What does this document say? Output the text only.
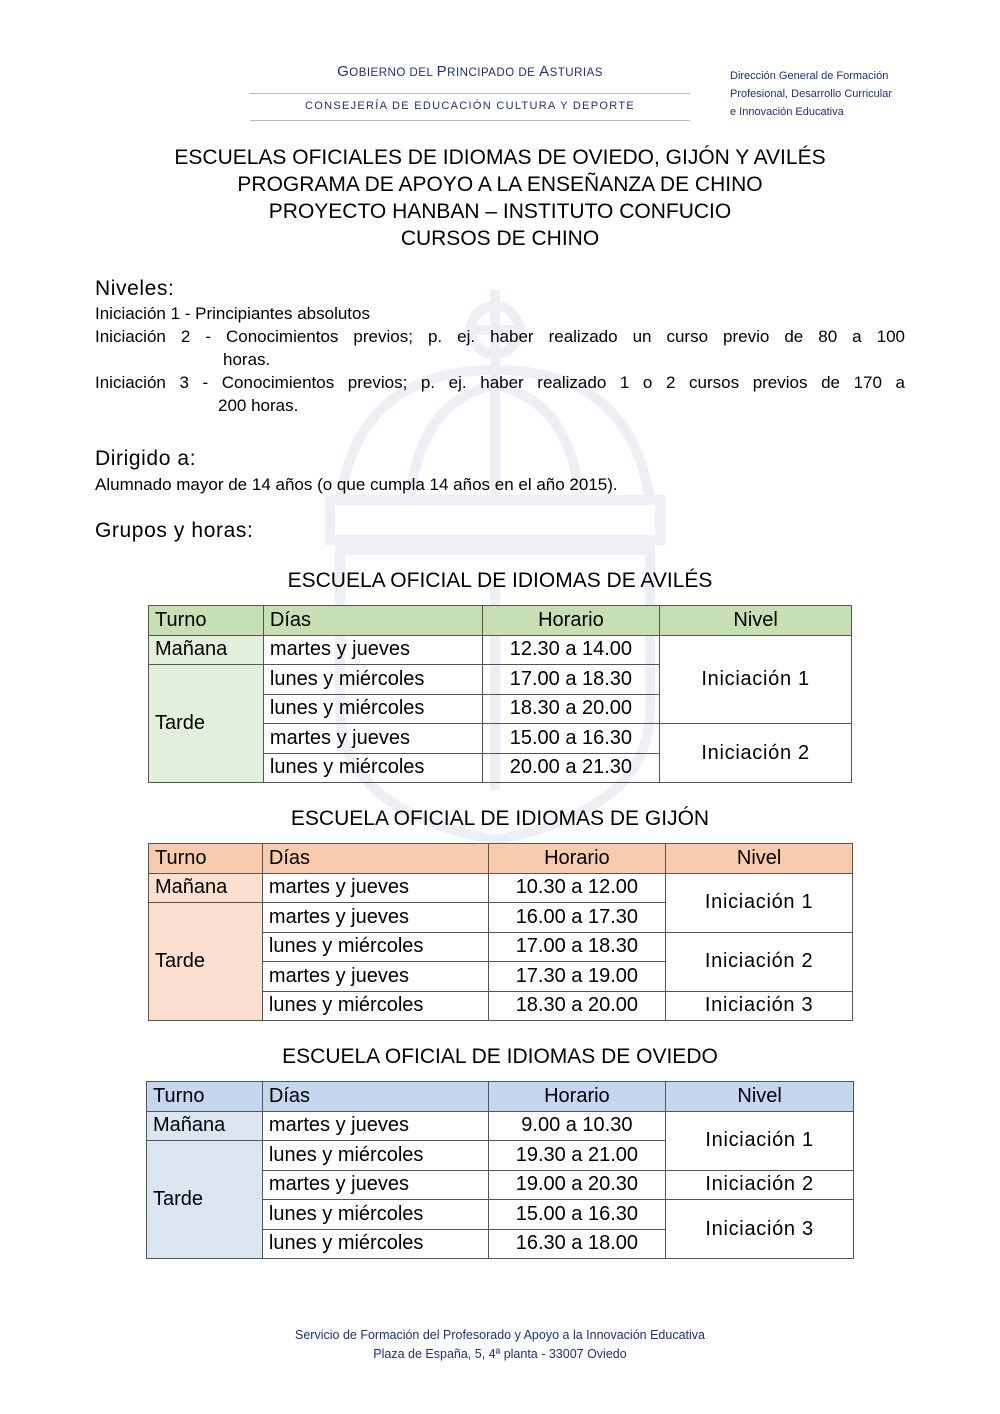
GOBIERNO DEL PRINCIPADO DE ASTURIAS
CONSEJERÍA DE EDUCACIÓN CULTURA Y DEPORTE
Dirección General de Formación
Profesional, Desarrollo Curricular
e Innovación Educativa
ESCUELAS OFICIALES DE IDIOMAS DE OVIEDO, GIJÓN Y AVILÉS
PROGRAMA DE APOYO A LA ENSEÑANZA DE CHINO
PROYECTO HANBAN – INSTITUTO CONFUCIO
CURSOS DE CHINO
Niveles:
Iniciación 1 - Principiantes absolutos
Iniciación 2 - Conocimientos previos; p. ej. haber realizado un curso previo de 80 a 100
horas.
Iniciación 3 - Conocimientos previos; p. ej. haber realizado 1 o 2 cursos previos de 170 a
200 horas.
Dirigido a:
Alumnado mayor de 14 años (o que cumpla 14 años en el año 2015).
Grupos y horas:
ESCUELA OFICIAL DE IDIOMAS DE AVILÉS
Turno	Días	Horario	Nivel
Mañana	martes y jueves	12.30 a 14.00	Iniciación 1
Tarde	lunes y miércoles	17.00 a 18.30	
	lunes y miércoles	18.30 a 20.00	
	martes y jueves	15.00 a 16.30	Iniciación 2
	lunes y miércoles	20.00 a 21.30	
ESCUELA OFICIAL DE IDIOMAS DE GIJÓN
Turno	Días	Horario	Nivel
Mañana	martes y jueves	10.30 a 12.00	Iniciación 1
Tarde	martes y jueves	16.00 a 17.30	
	lunes y miércoles	17.00 a 18.30	Iniciación 2
	martes y jueves	17.30 a 19.00	
	lunes y miércoles	18.30 a 20.00	Iniciación 3
ESCUELA OFICIAL DE IDIOMAS DE OVIEDO
Turno	Días	Horario	Nivel
Mañana	martes y jueves	9.00 a 10.30	Iniciación 1
Tarde	lunes y miércoles	19.30 a 21.00	
	martes y jueves	19.00 a 20.30	Iniciación 2
	lunes y miércoles	15.00 a 16.30	Iniciación 3
	lunes y miércoles	16.30 a 18.00	
Servicio de Formación del Profesorado y Apoyo a la Innovación Educativa
Plaza de España, 5, 4ª planta - 33007 Oviedo
